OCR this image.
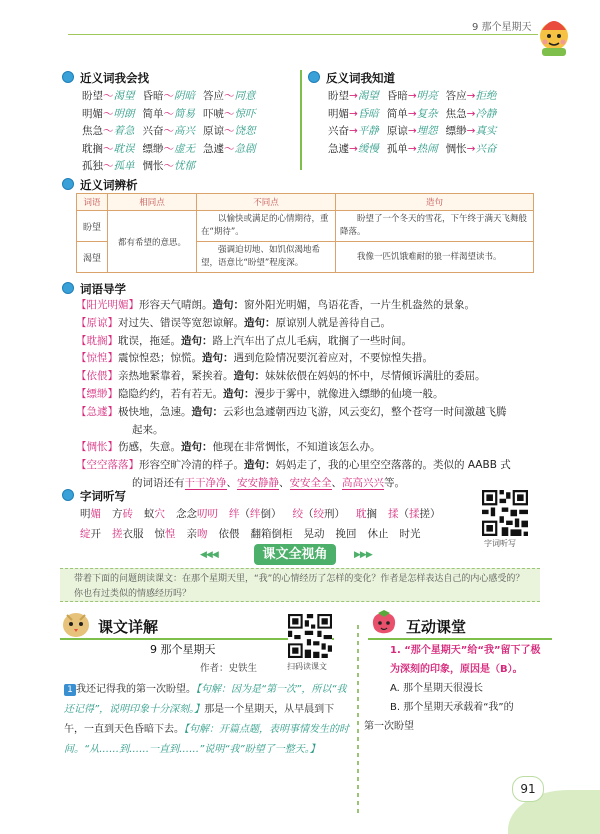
9 那个星期天
近义词我会找
盼望～渴望 昏暗～阴暗 答应～同意
明媚～明朗 简单～简易 吓唬～惊吓
焦急～着急 兴奋～高兴 原谅～饶恕
耽搁～耽误 缥缈～虚无 急遽～急剧
孤独～孤单 惆怅～忧郁
反义词我知道
盼望→渴望 昏暗→明亮 答应→拒绝
明媚→昏暗 简单→复杂 焦急→冷静
兴奋→平静 原谅→埋怨 缥缈→真实
急遽→缓慢 孤单→热闹 惆怅→兴奋
近义词辨析
词语	相同点	不同点	造句
盼望	都有希望的意思。	以愉快或满足的心情期待，重在“期待”。	盼望了一个冬天的雪花，下午终于满天飞舞般降落。
渴望		强调迫切地、如饥似渴地希望，语意比“盼望”程度深。	我像一匹饥饿难耐的狼一样渴望读书。
词语导学
【阳光明媚】形容天气晴朗。造句：窗外阳光明媚，鸟语花香，一片生机盎然的景象。
【原谅】对过失、错误等宽恕谅解。造句：原谅别人就是善待自己。
【耽搁】耽误，拖延。造句：路上汽车出了点儿毛病，耽搁了一些时间。
【惊惶】震惊惶恐；惊慌。造句：遇到危险情况要沉着应对，不要惊惶失措。
【依偎】亲热地紧靠着，紧挨着。造句：妹妹依偎在妈妈的怀中，尽情倾诉满肚的委屈。
【缥缈】隐隐约约，若有若无。造句：漫步于雾中，就像进入缥缈的仙境一般。
【急遽】极快地，急速。造句：云彩也急遽朝西边飞游，风云变幻，整个苍穹一时间激越飞腾
起来。
【惆怅】伤感，失意。造句：他现在非常惆怅，不知道该怎么办。
【空空落落】形容空旷冷清的样子。造句：妈妈走了，我的心里空空落落的。类似的 AABB 式
的词语还有干干净净、安安静静、安安全全、高高兴兴等。
字词听写
明媚 方砖 蚁穴 念念叨叨 绊（绊倒） 绞（绞刑） 耽搁 揉（揉搓）
绽开 搓衣服 惊惶 亲吻 依偎 翻箱倒柜 晃动 挽回 休止 时光
字词听写
◀◀◀	课文全视角	▶▶▶
带着下面的问题朗读课文：在那个星期天里，“我”的心情经历了怎样的变化？作者是怎样表达自己的内心感受的？你也有过类似的情感经历吗？
课文详解
9 那个星期天
作者：史铁生	扫码读课文
1 我还记得我的第一次盼望。【句解：因为是“第一次”，所以“我还记得”，说明印象十分深刻。】那是一个星期天，从早晨到下午，一直到天色昏暗下去。【句解：开篇点题，表明事情发生的时间。“从……到……一直到……”说明“我”盼望了一整天。】
互动课堂
1. “那个星期天”给“我”留下了极为深刻的印象，原因是（B）。
A. 那个星期天很漫长
B. 那个星期天承载着“我”的
第一次盼望
91
